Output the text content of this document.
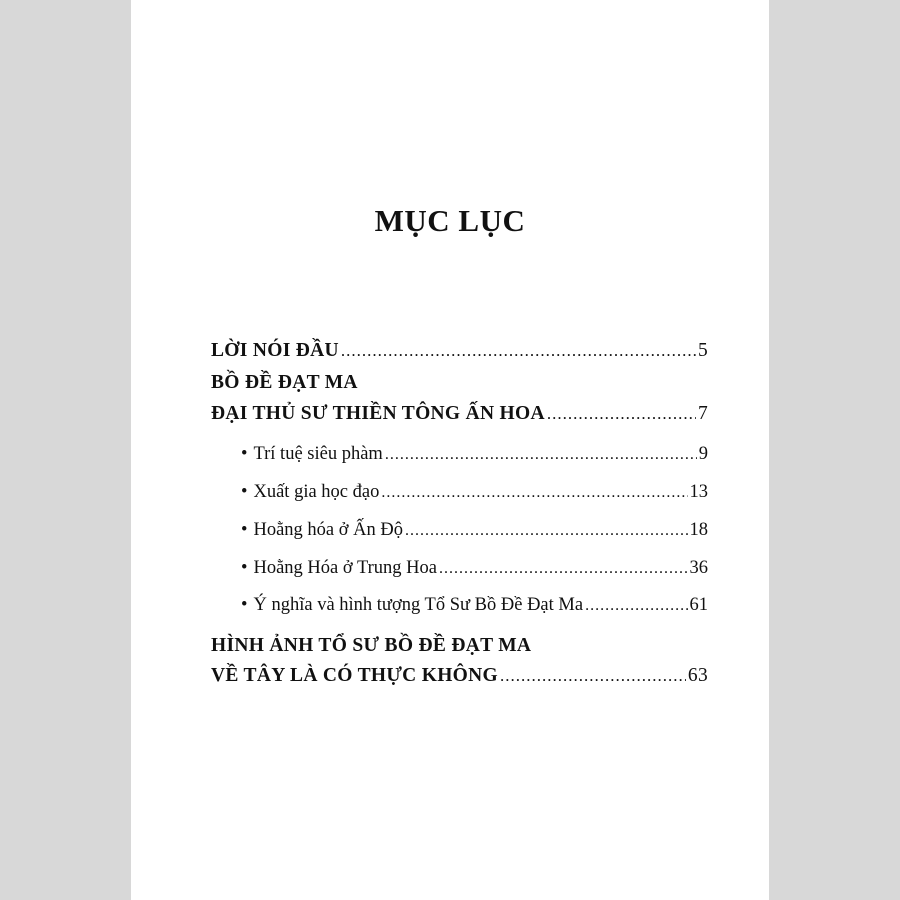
MỤC LỤC
LỜI NÓI ĐẦU .....	5
BỒ ĐỀ ĐẠT MA
ĐẠI THỦ SƯ THIỀN TÔNG ẤN HOA .....	7
• Trí tuệ siêu phàm .....	9
• Xuất gia học đạo .....	13
• Hoằng hóa ở Ấn Độ .....	18
• Hoằng Hóa ở Trung Hoa .....	36
• Ý nghĩa và hình tượng Tổ Sư Bồ Đề Đạt Ma .....	61
HÌNH ẢNH TỔ SƯ BỒ ĐỀ ĐẠT MA
VỀ TÂY LÀ CÓ THỰC KHÔNG .....	63
